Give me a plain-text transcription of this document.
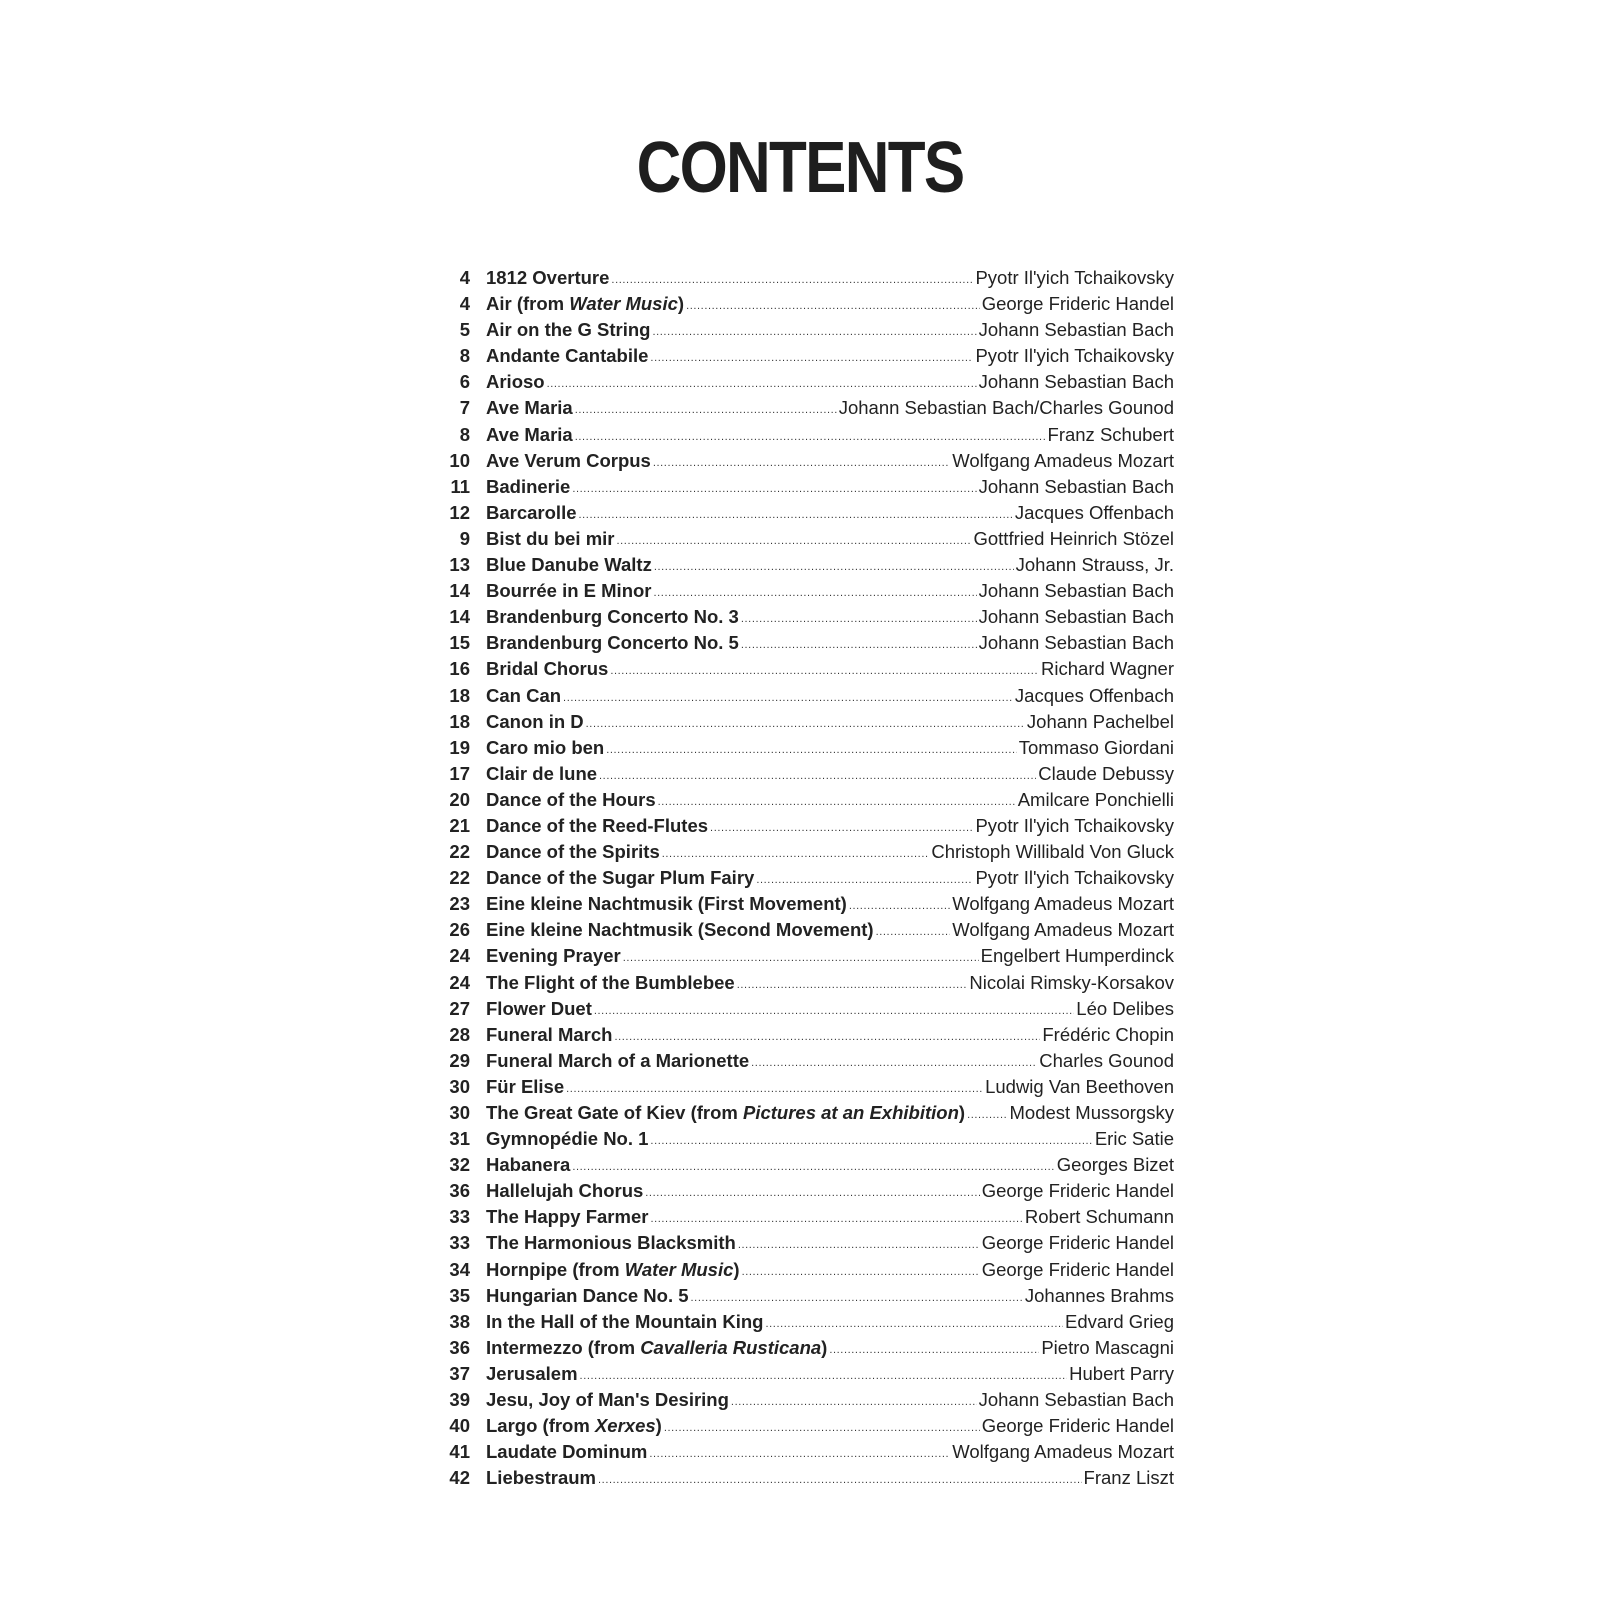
CONTENTS
4 1812 Overture .....	Pyotr Il'yich Tchaikovsky
4 Air (from Water Music) .....	George Frideric Handel
5 Air on the G String .....	Johann Sebastian Bach
8 Andante Cantabile .....	Pyotr Il'yich Tchaikovsky
6 Arioso .....	Johann Sebastian Bach
7 Ave Maria .....	Johann Sebastian Bach/Charles Gounod
8 Ave Maria .....	Franz Schubert
10 Ave Verum Corpus .....	Wolfgang Amadeus Mozart
11 Badinerie .....	Johann Sebastian Bach
12 Barcarolle .....	Jacques Offenbach
9 Bist du bei mir .....	Gottfried Heinrich Stözel
13 Blue Danube Waltz .....	Johann Strauss, Jr.
14 Bourrée in E Minor .....	Johann Sebastian Bach
14 Brandenburg Concerto No. 3 .....	Johann Sebastian Bach
15 Brandenburg Concerto No. 5 .....	Johann Sebastian Bach
16 Bridal Chorus .....	Richard Wagner
18 Can Can .....	Jacques Offenbach
18 Canon in D .....	Johann Pachelbel
19 Caro mio ben .....	Tommaso Giordani
17 Clair de lune .....	Claude Debussy
20 Dance of the Hours .....	Amilcare Ponchielli
21 Dance of the Reed-Flutes .....	Pyotr Il'yich Tchaikovsky
22 Dance of the Spirits .....	Christoph Willibald Von Gluck
22 Dance of the Sugar Plum Fairy .....	Pyotr Il'yich Tchaikovsky
23 Eine kleine Nachtmusik (First Movement) .....	Wolfgang Amadeus Mozart
26 Eine kleine Nachtmusik (Second Movement) .....	Wolfgang Amadeus Mozart
24 Evening Prayer .....	Engelbert Humperdinck
24 The Flight of the Bumblebee .....	Nicolai Rimsky-Korsakov
27 Flower Duet .....	Léo Delibes
28 Funeral March .....	Frédéric Chopin
29 Funeral March of a Marionette .....	Charles Gounod
30 Für Elise .....	Ludwig Van Beethoven
30 The Great Gate of Kiev (from Pictures at an Exhibition) ..... Modest Mussorgsky
31 Gymnopédie No. 1 .....	Eric Satie
32 Habanera .....	Georges Bizet
36 Hallelujah Chorus .....	George Frideric Handel
33 The Happy Farmer .....	Robert Schumann
33 The Harmonious Blacksmith .....	George Frideric Handel
34 Hornpipe (from Water Music) .....	George Frideric Handel
35 Hungarian Dance No. 5 .....	Johannes Brahms
38 In the Hall of the Mountain King .....	Edvard Grieg
36 Intermezzo (from Cavalleria Rusticana) .....	Pietro Mascagni
37 Jerusalem .....	Hubert Parry
39 Jesu, Joy of Man's Desiring .....	Johann Sebastian Bach
40 Largo (from Xerxes) .....	George Frideric Handel
41 Laudate Dominum .....	Wolfgang Amadeus Mozart
42 Liebestraum .....	Franz Liszt
